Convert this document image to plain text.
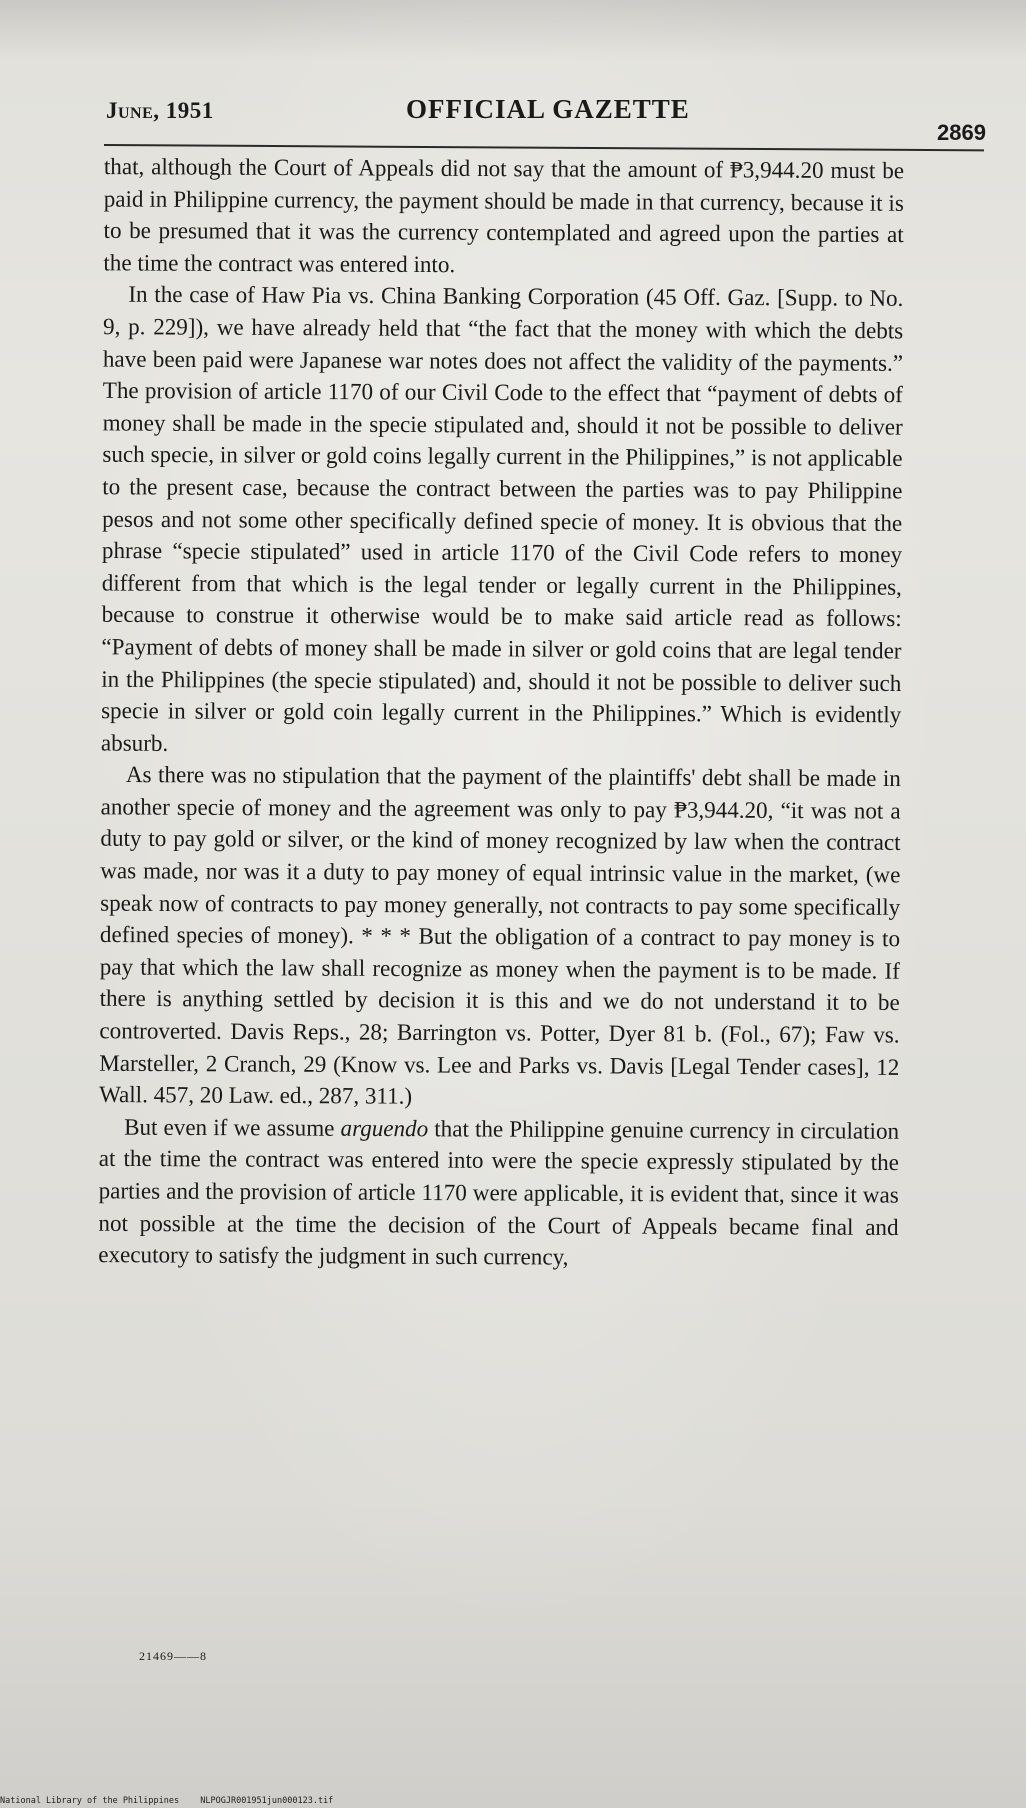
June, 1951	OFFICIAL GAZETTE
2869

that, although the Court of Appeals did not say that the amount of ₱3,944.20 must be paid in Philippine currency, the payment should be made in that currency, because it is to be presumed that it was the currency contemplated and agreed upon the parties at the time the contract was entered into.

In the case of Haw Pia vs. China Banking Corporation (45 Off. Gaz. [Supp. to No. 9, p. 229]), we have already held that “the fact that the money with which the debts have been paid were Japanese war notes does not affect the validity of the payments.” The provision of article 1170 of our Civil Code to the effect that “payment of debts of money shall be made in the specie stipulated and, should it not be possible to deliver such specie, in silver or gold coins legally current in the Philippines,” is not applicable to the present case, because the contract between the parties was to pay Philippine pesos and not some other specifically defined specie of money. It is obvious that the phrase “specie stipulated” used in article 1170 of the Civil Code refers to money different from that which is the legal tender or legally current in the Philippines, because to construe it otherwise would be to make said article read as follows: “Payment of debts of money shall be made in silver or gold coins that are legal tender in the Philippines (the specie stipulated) and, should it not be possible to deliver such specie in silver or gold coin legally current in the Philippines.” Which is evidently absurb.

As there was no stipulation that the payment of the plaintiffs' debt shall be made in another specie of money and the agreement was only to pay ₱3,944.20, “it was not a duty to pay gold or silver, or the kind of money recognized by law when the contract was made, nor was it a duty to pay money of equal intrinsic value in the market, (we speak now of contracts to pay money generally, not contracts to pay some specifically defined species of money). * * * But the obligation of a contract to pay money is to pay that which the law shall recognize as money when the payment is to be made. If there is anything settled by decision it is this and we do not understand it to be controverted. Davis Reps., 28; Barrington vs. Potter, Dyer 81 b. (Fol., 67); Faw vs. Marsteller, 2 Cranch, 29 (Know vs. Lee and Parks vs. Davis [Legal Tender cases], 12 Wall. 457, 20 Law. ed., 287, 311.)

But even if we assume arguendo that the Philippine genuine currency in circulation at the time the contract was entered into were the specie expressly stipulated by the parties and the provision of article 1170 were applicable, it is evident that, since it was not possible at the time the decision of the Court of Appeals became final and executory to satisfy the judgment in such currency,

21469——8
National Library of the Philippines NLPOGJR001951jun000123.tif
